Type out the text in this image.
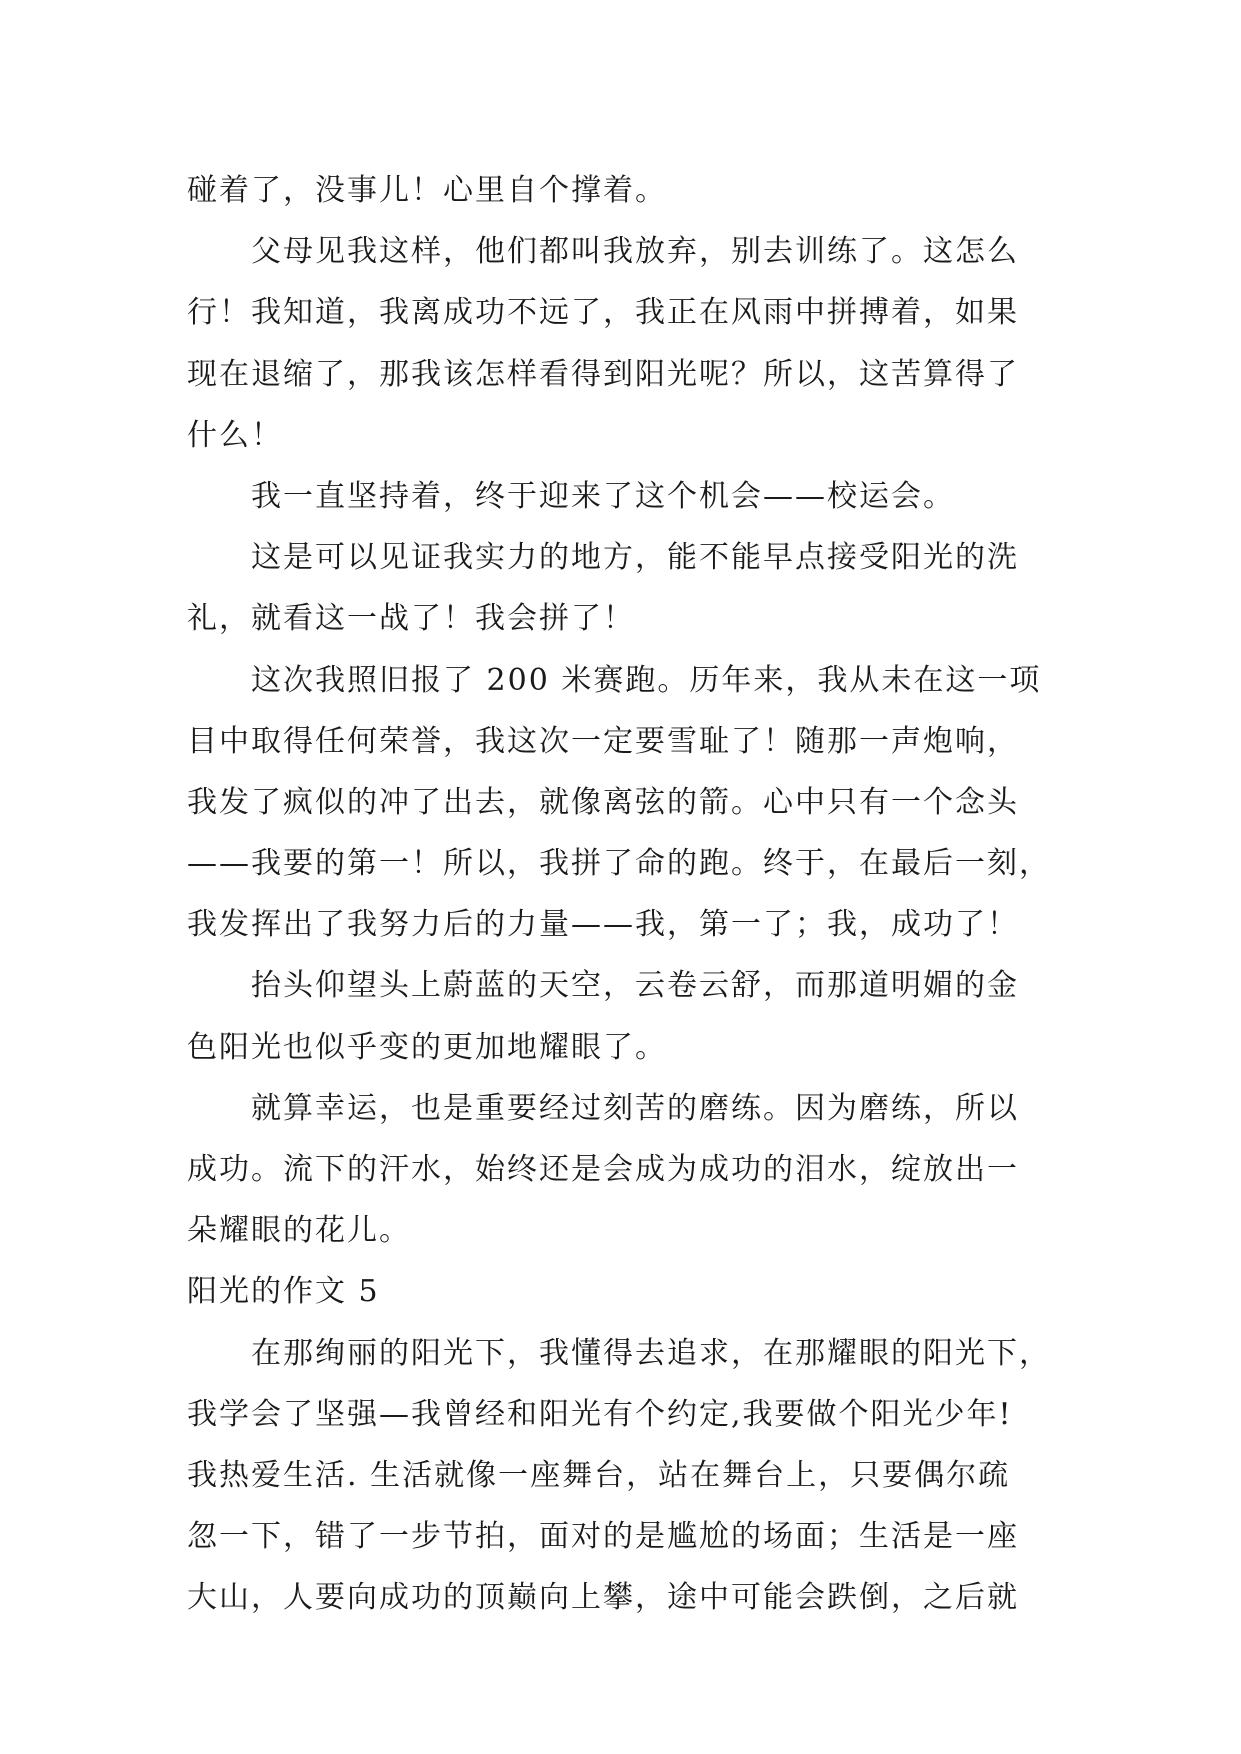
碰着了，没事儿！心里自个撑着。
父母见我这样，他们都叫我放弃，别去训练了。这怎么
行！我知道，我离成功不远了，我正在风雨中拼搏着，如果
现在退缩了，那我该怎样看得到阳光呢？所以，这苦算得了
什么！
我一直坚持着，终于迎来了这个机会——校运会。
这是可以见证我实力的地方，能不能早点接受阳光的洗
礼，就看这一战了！我会拼了！
这次我照旧报了 200 米赛跑。历年来，我从未在这一项
目中取得任何荣誉，我这次一定要雪耻了！随那一声炮响，
我发了疯似的冲了出去，就像离弦的箭。心中只有一个念头
——我要的第一！所以，我拼了命的跑。终于，在最后一刻，
我发挥出了我努力后的力量——我，第一了；我，成功了！
抬头仰望头上蔚蓝的天空，云卷云舒，而那道明媚的金
色阳光也似乎变的更加地耀眼了。
就算幸运，也是重要经过刻苦的磨练。因为磨练，所以
成功。流下的汗水，始终还是会成为成功的泪水，绽放出一
朵耀眼的花儿。
阳光的作文 5
在那绚丽的阳光下，我懂得去追求，在那耀眼的阳光下，
我学会了坚强—我曾经和阳光有个约定,我要做个阳光少年!
我热爱生活. 生活就像一座舞台，站在舞台上，只要偶尔疏
忽一下，错了一步节拍，面对的是尴尬的场面；生活是一座
大山，人要向成功的顶巅向上攀，途中可能会跌倒，之后就
